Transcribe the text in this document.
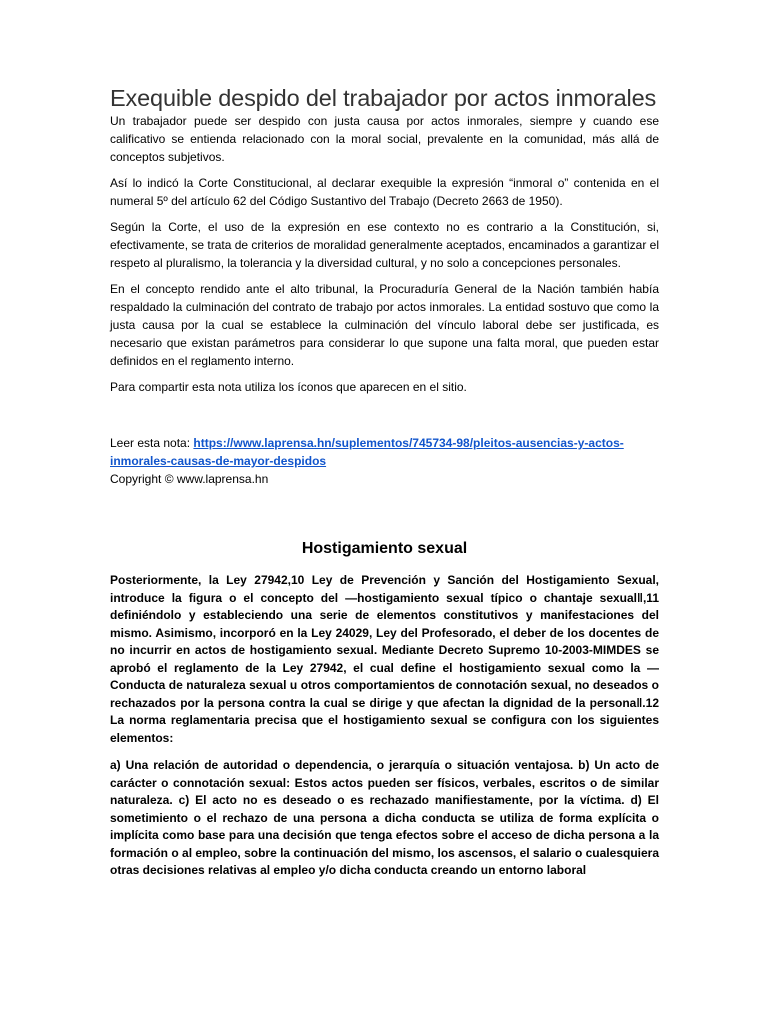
Exequible despido del trabajador por actos inmorales

Un trabajador puede ser despido con justa causa por actos inmorales, siempre y cuando ese calificativo se entienda relacionado con la moral social, prevalente en la comunidad, más allá de conceptos subjetivos.

Así lo indicó la Corte Constitucional, al declarar exequible la expresión “inmoral o” contenida en el numeral 5º del artículo 62 del Código Sustantivo del Trabajo (Decreto 2663 de 1950).

Según la Corte, el uso de la expresión en ese contexto no es contrario a la Constitución, si, efectivamente, se trata de criterios de moralidad generalmente aceptados, encaminados a garantizar el respeto al pluralismo, la tolerancia y la diversidad cultural, y no solo a concepciones personales.

En el concepto rendido ante el alto tribunal, la Procuraduría General de la Nación también había respaldado la culminación del contrato de trabajo por actos inmorales. La entidad sostuvo que como la justa causa por la cual se establece la culminación del vínculo laboral debe ser justificada, es necesario que existan parámetros para considerar lo que supone una falta moral, que pueden estar definidos en el reglamento interno.

Para compartir esta nota utiliza los íconos que aparecen en el sitio.

Leer esta nota: https://www.laprensa.hn/suplementos/745734-98/pleitos-ausencias-y-actos-inmorales-causas-de-mayor-despidos

Copyright © www.laprensa.hn

Hostigamiento sexual

Posteriormente, la Ley 27942,10 Ley de Prevención y Sanción del Hostigamiento Sexual, introduce la figura o el concepto del —hostigamiento sexual típico o chantaje sexual‖,11 definiéndolo y estableciendo una serie de elementos constitutivos y manifestaciones del mismo. Asimismo, incorporó en la Ley 24029, Ley del Profesorado, el deber de los docentes de no incurrir en actos de hostigamiento sexual. Mediante Decreto Supremo 10-2003-MIMDES se aprobó el reglamento de la Ley 27942, el cual define el hostigamiento sexual como la —Conducta de naturaleza sexual u otros comportamientos de connotación sexual, no deseados o rechazados por la persona contra la cual se dirige y que afectan la dignidad de la persona‖.12 La norma reglamentaria precisa que el hostigamiento sexual se configura con los siguientes elementos:

a) Una relación de autoridad o dependencia, o jerarquía o situación ventajosa. b) Un acto de carácter o connotación sexual: Estos actos pueden ser físicos, verbales, escritos o de similar naturaleza. c) El acto no es deseado o es rechazado manifiestamente, por la víctima. d) El sometimiento o el rechazo de una persona a dicha conducta se utiliza de forma explícita o implícita como base para una decisión que tenga efectos sobre el acceso de dicha persona a la formación o al empleo, sobre la continuación del mismo, los ascensos, el salario o cualesquiera otras decisiones relativas al empleo y/o dicha conducta creando un entorno laboral
